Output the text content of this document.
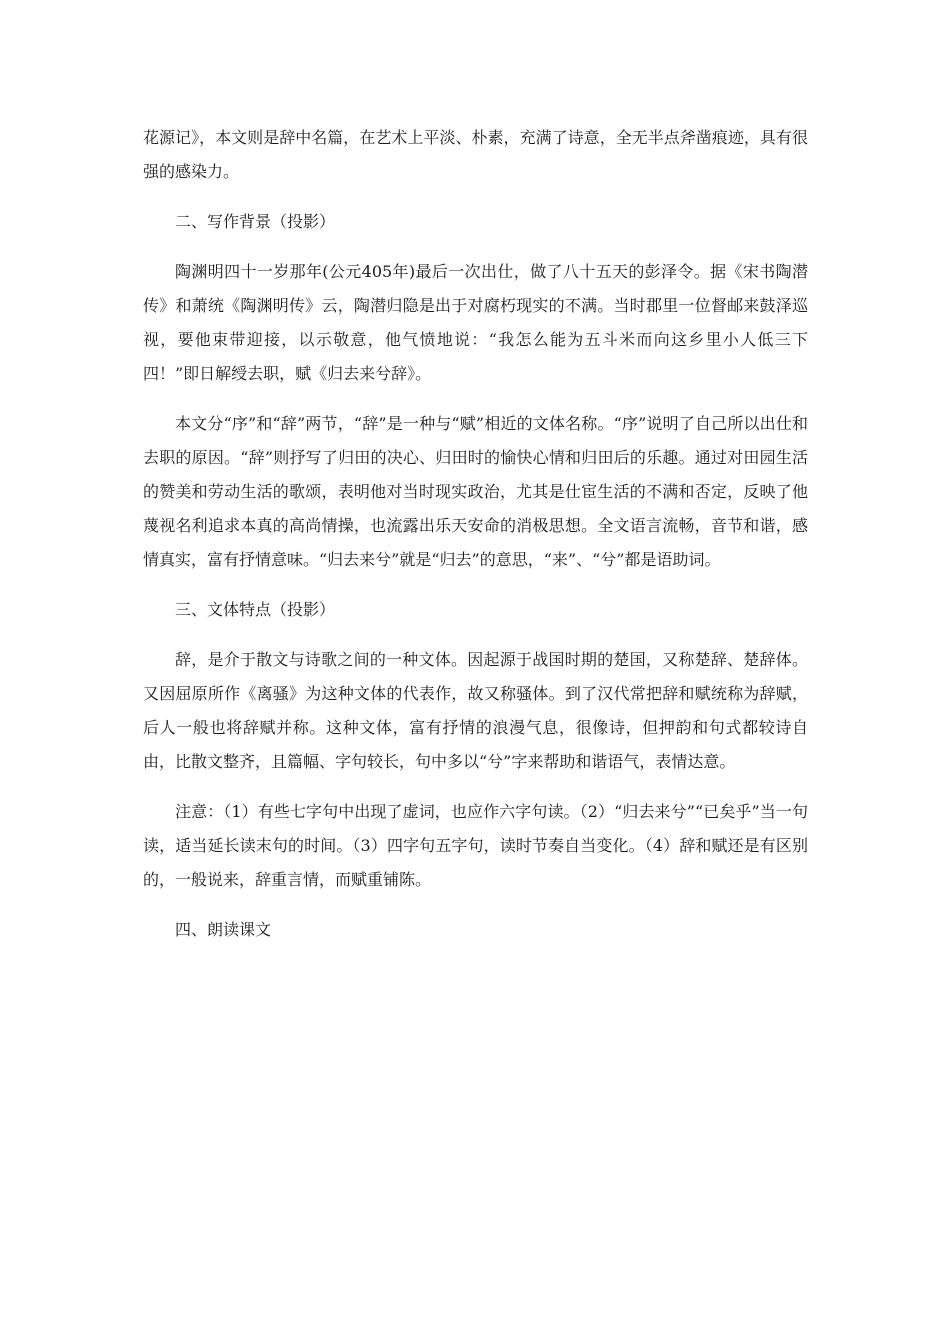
花源记》，本文则是辞中名篇，在艺术上平淡、朴素，充满了诗意，全无半点斧凿痕迹，具有很强的感染力。

二、写作背景（投影）

陶渊明四十一岁那年(公元405年)最后一次出仕，做了八十五天的彭泽令。据《宋书陶潜传》和萧统《陶渊明传》云，陶潜归隐是出于对腐朽现实的不满。当时郡里一位督邮来鼓泽巡视，要他束带迎接，以示敬意，他气愤地说：“我怎么能为五斗米而向这乡里小人低三下四！”即日解绶去职，赋《归去来兮辞》。

本文分“序”和“辞”两节，“辞”是一种与“赋”相近的文体名称。“序”说明了自己所以出仕和去职的原因。“辞”则抒写了归田的决心、归田时的愉快心情和归田后的乐趣。通过对田园生活的赞美和劳动生活的歌颂，表明他对当时现实政治，尤其是仕宦生活的不满和否定，反映了他蔑视名利追求本真的高尚情操，也流露出乐天安命的消极思想。全文语言流畅，音节和谐，感情真实，富有抒情意味。“归去来兮”就是“归去”的意思，“来”、“兮”都是语助词。

三、文体特点（投影）

辞，是介于散文与诗歌之间的一种文体。因起源于战国时期的楚国，又称楚辞、楚辞体。又因屈原所作《离骚》为这种文体的代表作，故又称骚体。到了汉代常把辞和赋统称为辞赋，后人一般也将辞赋并称。这种文体，富有抒情的浪漫气息，很像诗，但押韵和句式都较诗自由，比散文整齐，且篇幅、字句较长，句中多以“兮”字来帮助和谐语气，表情达意。

注意：（1）有些七字句中出现了虚词，也应作六字句读。（2）“归去来兮”“已矣乎”当一句读，适当延长读末句的时间。（3）四字句五字句，读时节奏自当变化。（4）辞和赋还是有区别的，一般说来，辞重言情，而赋重铺陈。

四、朗读课文
